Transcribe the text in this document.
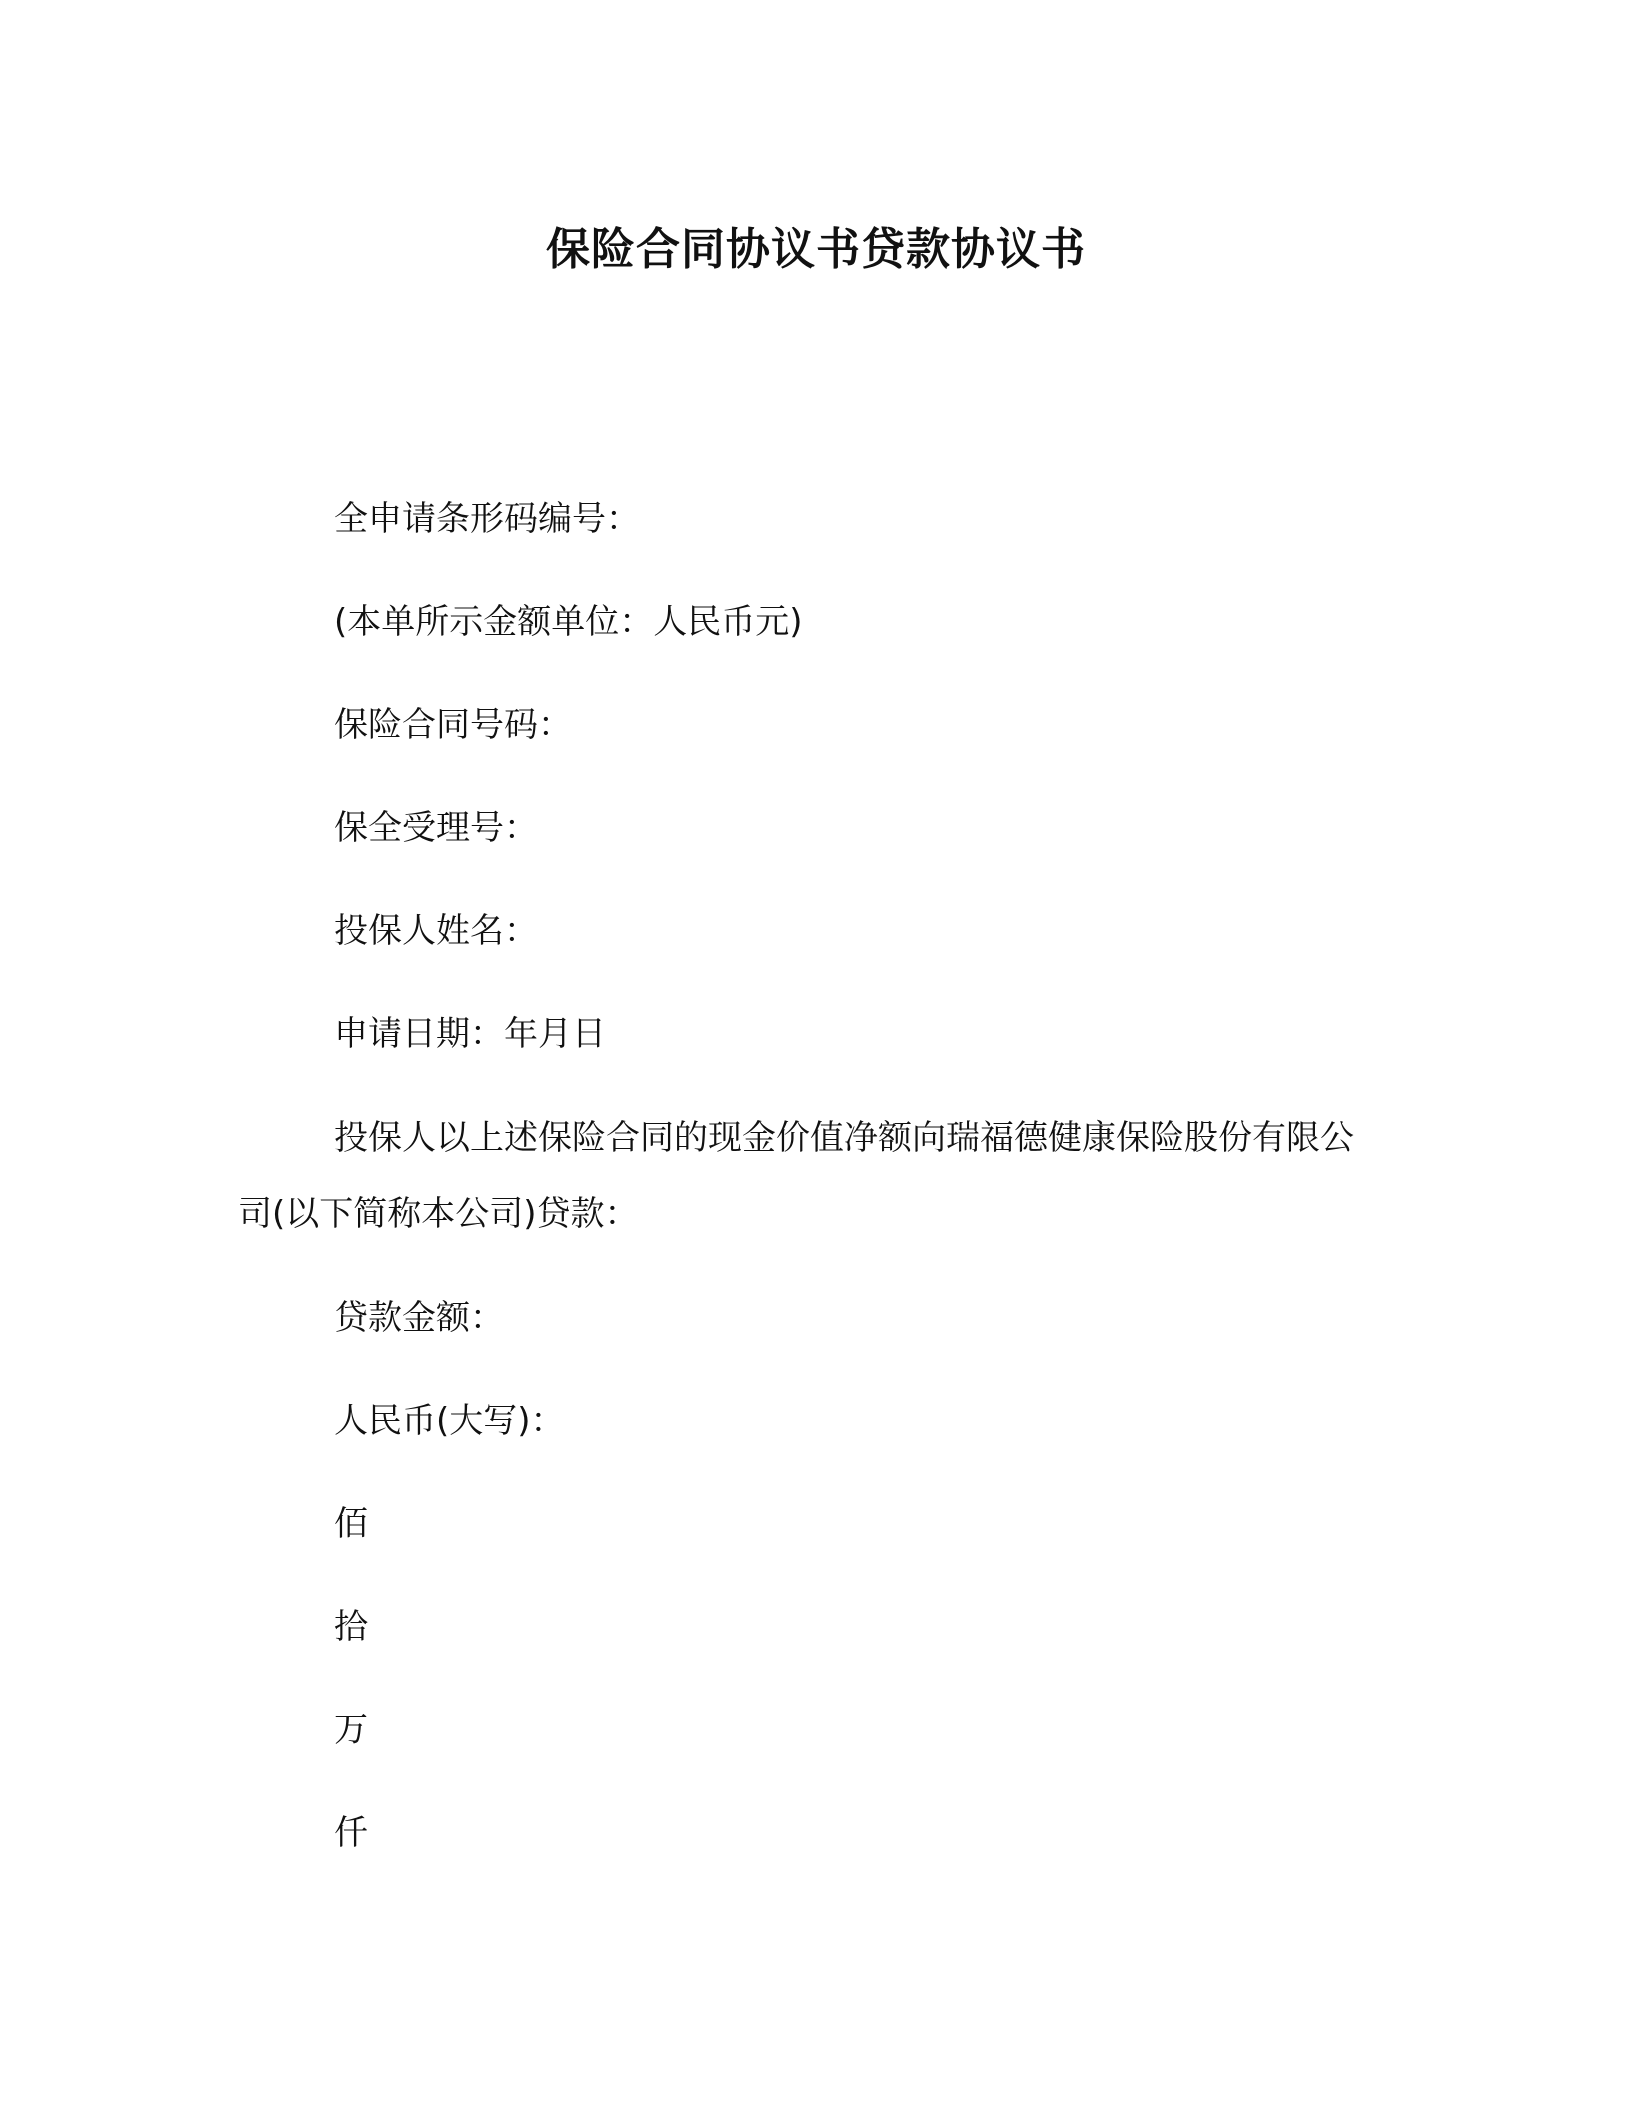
保险合同协议书贷款协议书

全申请条形码编号：

(本单所示金额单位：人民币元)

保险合同号码：

保全受理号：

投保人姓名：

申请日期：年月日

投保人以上述保险合同的现金价值净额向瑞福德健康保险股份有限公司(以下简称本公司)贷款：

贷款金额：

人民币(大写)：

佰

拾

万

仟
